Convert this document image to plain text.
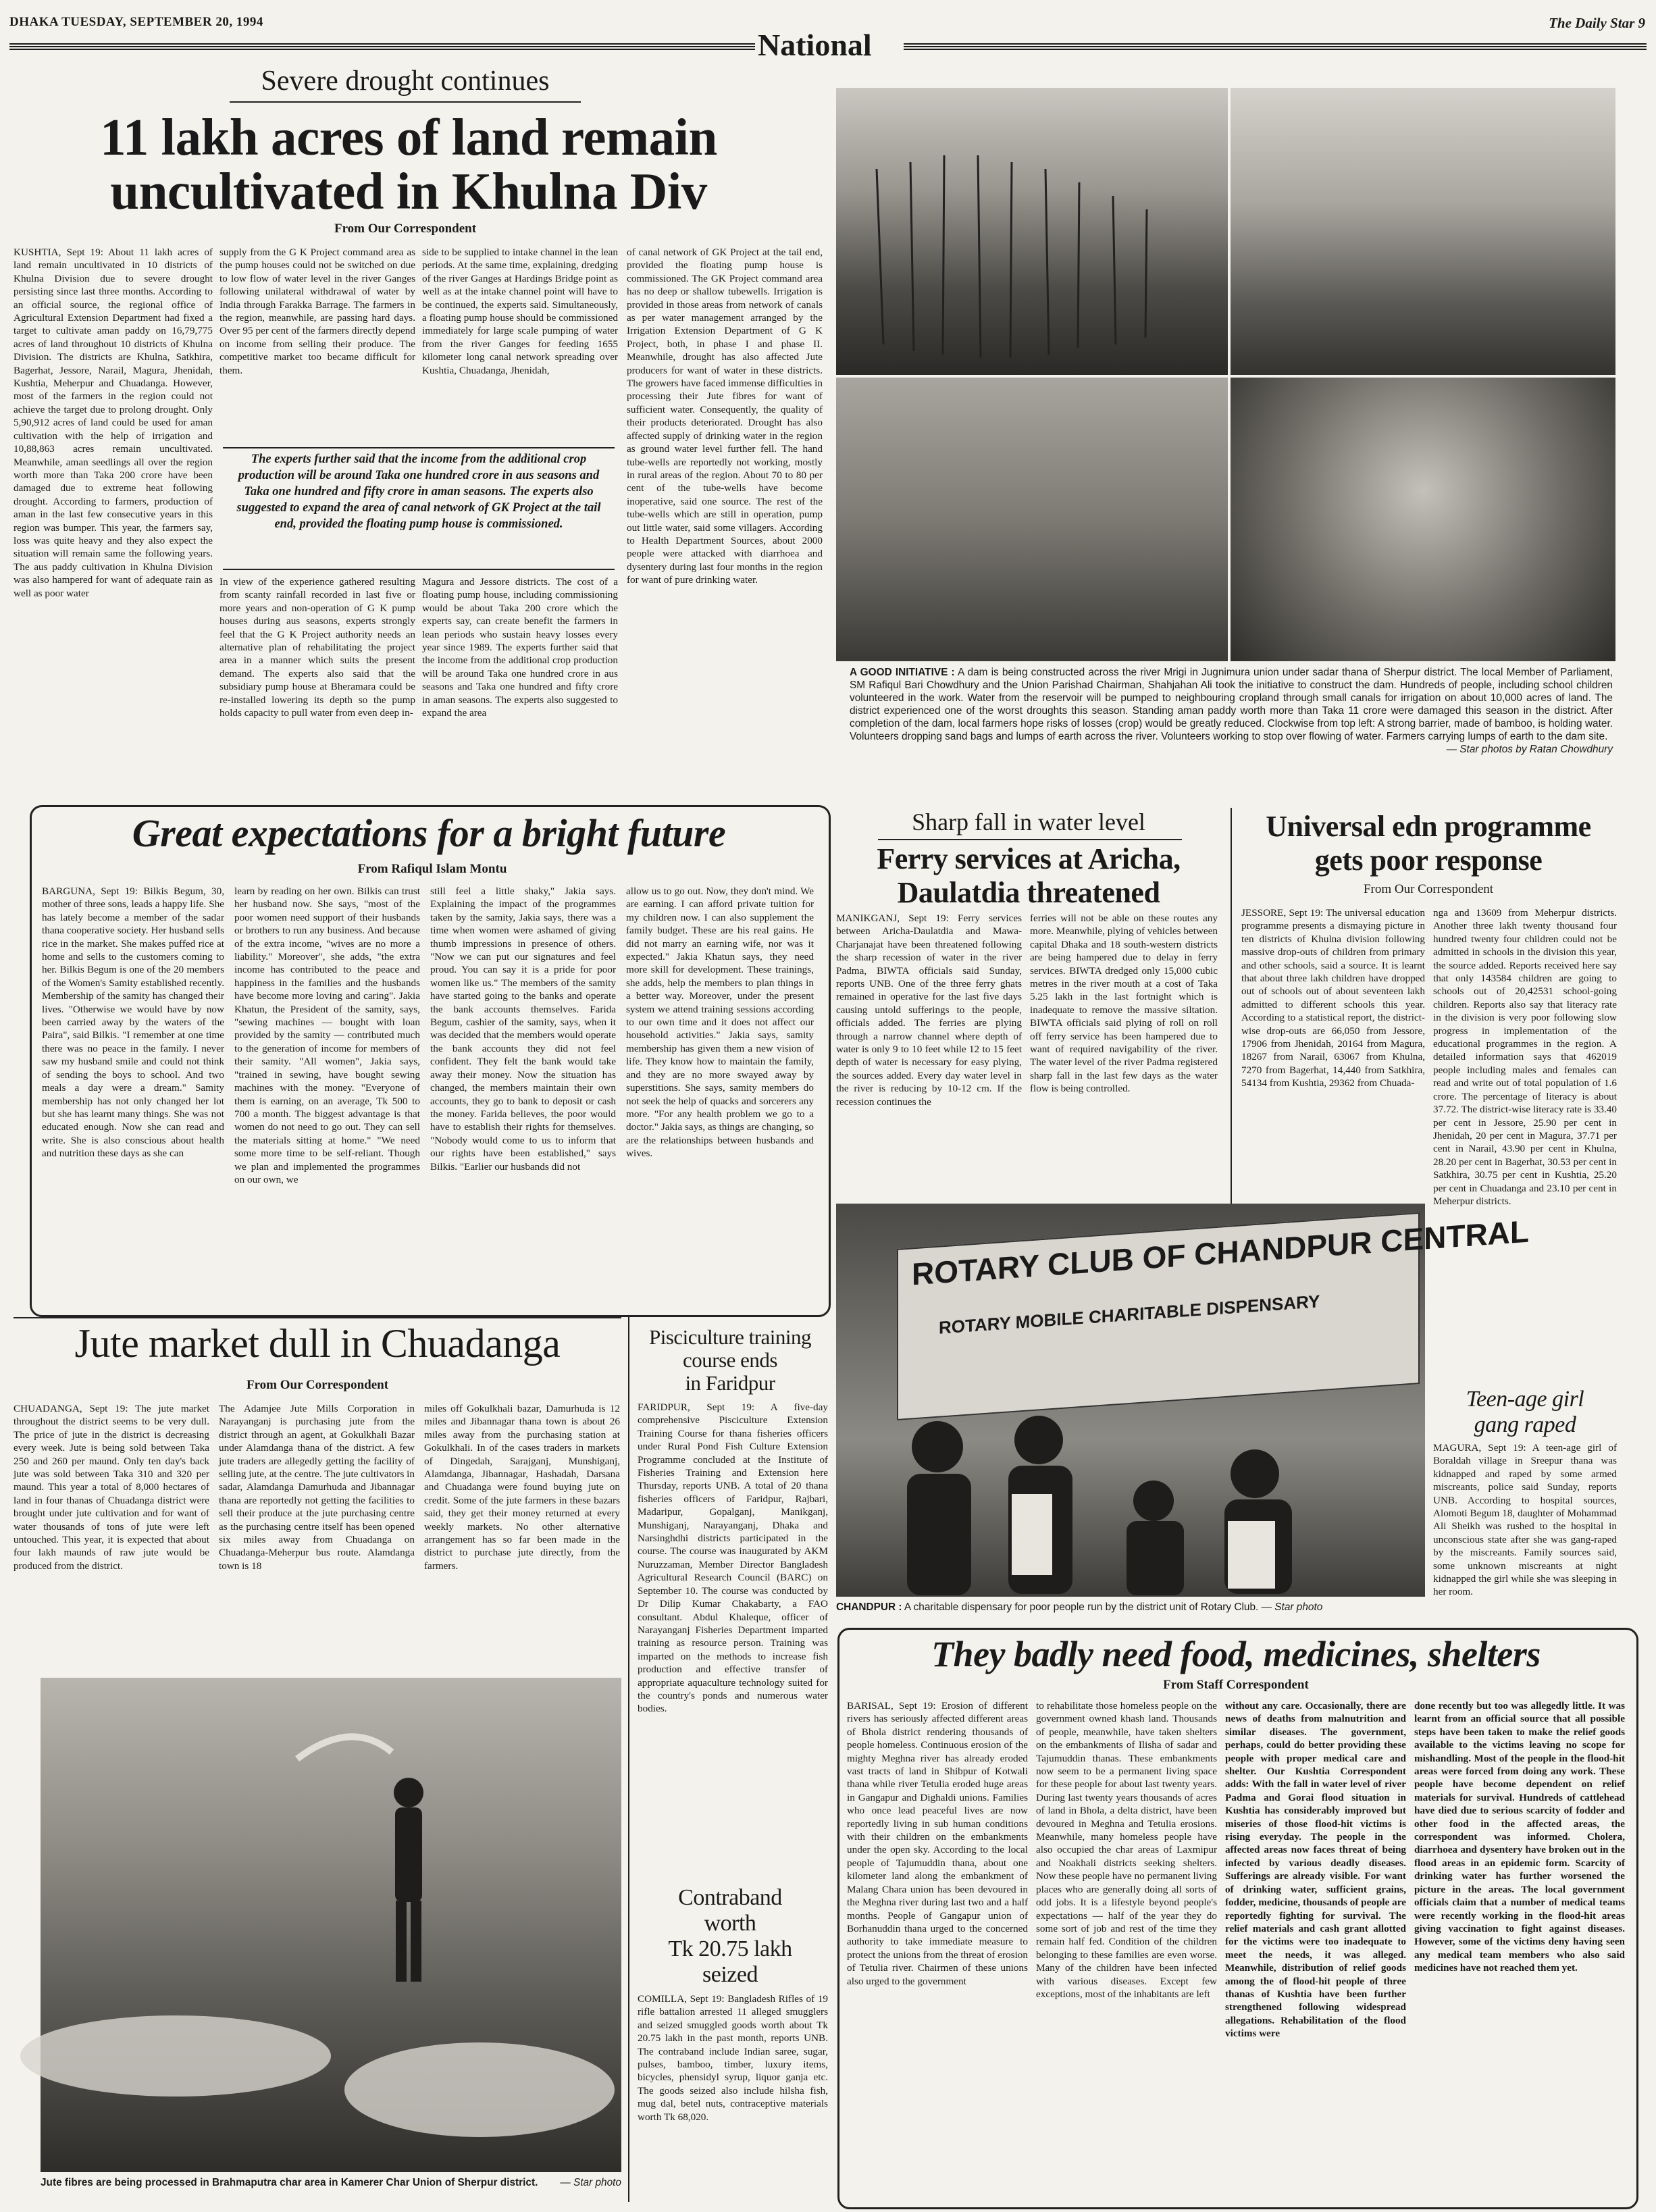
DHAKA TUESDAY, SEPTEMBER 20, 1994
National
The Daily Star 9
Severe drought continues
11 lakh acres of land remain
uncultivated in Khulna Div
From Our Correspondent

KUSHTIA, Sept 19: About 11 lakh acres of land remain uncultivated in 10 districts of Khulna Division due to severe drought persisting since last three months. According to an official source, the regional office of Agricultural Extension Department had fixed a target to cultivate aman paddy on 16,79,775 acres of land throughout 10 districts of Khulna Division. The districts are Khulna, Satkhira, Bagerhat, Jessore, Narail, Magura, Jhenidah, Kushtia, Meherpur and Chuadanga. However, most of the farmers in the region could not achieve the target due to prolong drought. Only 5,90,912 acres of land could be used for aman cultivation with the help of irrigation and 10,88,863 acres remain uncultivated. Meanwhile, aman seedlings all over the region worth more than Taka 200 crore have been damaged due to extreme heat following drought. According to farmers, production of aman in the last few consecutive years in this region was bumper. This year, the farmers say, loss was quite heavy and they also expect the situation will remain same the following years. The aus paddy cultivation in Khulna Division was also hampered for want of adequate rain as well as poor water

supply from the G K Project command area as the pump houses could not be switched on due to low flow of water level in the river Ganges following unilateral withdrawal of water by India through Farakka Barrage. The farmers in the region, meanwhile, are passing hard days. Over 95 per cent of the farmers directly depend on income from selling their produce. The competitive market too became difficult for them.

side to be supplied to intake channel in the lean periods. At the same time, explaining, dredging of the river Ganges at Hardings Bridge point as well as at the intake channel point will have to be continued, the experts said. Simultaneously, a floating pump house should be commissioned immediately for large scale pumping of water from the river Ganges for feeding 1655 kilometer long canal network spreading over Kushtia, Chuadanga, Jhenidah,

The experts further said that the income from the additional crop production will be around Taka one hundred crore in aus seasons and Taka one hundred and fifty crore in aman seasons. The experts also suggested to expand the area of canal network of GK Project at the tail end, provided the floating pump house is commissioned.

In view of the experience gathered resulting from scanty rainfall recorded in last five or more years and non-operation of G K pump houses during aus seasons, experts strongly feel that the G K Project authority needs an alternative plan of rehabilitating the project area in a manner which suits the present demand. The experts also said that the subsidiary pump house at Bheramara could be re-installed lowering its depth so the pump holds capacity to pull water from even deep in-

Magura and Jessore districts. The cost of a floating pump house, including commissioning would be about Taka 200 crore which the experts say, can create benefit the farmers in lean periods who sustain heavy losses every year since 1989. The experts further said that the income from the additional crop production will be around Taka one hundred crore in aus seasons and Taka one hundred and fifty crore in aman seasons. The experts also suggested to expand the area

of canal network of GK Project at the tail end, provided the floating pump house is commissioned. The GK Project command area has no deep or shallow tubewells. Irrigation is provided in those areas from network of canals as per water management arranged by the Irrigation Extension Department of G K Project, both, in phase I and phase II. Meanwhile, drought has also affected Jute producers for want of water in these districts. The growers have faced immense difficulties in processing their Jute fibres for want of sufficient water. Consequently, the quality of their products deteriorated. Drought has also affected supply of drinking water in the region as ground water level further fell. The hand tube-wells are reportedly not working, mostly in rural areas of the region. About 70 to 80 per cent of the tube-wells have become inoperative, said one source. The rest of the tube-wells which are still in operation, pump out little water, said some villagers. According to Health Department Sources, about 2000 people were attacked with diarrhoea and dysentery during last four months in the region for want of pure drinking water.

A GOOD INITIATIVE : A dam is being constructed across the river Mrigi in Jugnimura union under sadar thana of Sherpur district. The local Member of Parliament, SM Rafiqul Bari Chowdhury and the Union Parishad Chairman, Shahjahan Ali took the initiative to construct the dam. Hundreds of people, including school children volunteered in the work. Water from the reservoir will be pumped to neighbouring cropland through small canals for irrigation on about 10,000 acres of land. The district experienced one of the worst droughts this season. Standing aman paddy worth more than Taka 11 crore were damaged this season in the district. After completion of the dam, local farmers hope risks of losses (crop) would be greatly reduced. Clockwise from top left: A strong barrier, made of bamboo, is holding water. Volunteers dropping sand bags and lumps of earth across the river. Volunteers working to stop over flowing of water. Farmers carrying lumps of earth to the dam site.
— Star photos by Ratan Chowdhury
Great expectations for a bright future
From Rafiqul Islam Montu

BARGUNA, Sept 19: Bilkis Begum, 30, mother of three sons, leads a happy life. She has lately become a member of the sadar thana cooperative society. Her husband sells rice in the market. She makes puffed rice at home and sells to the customers coming to her. Bilkis Begum is one of the 20 members of the Women's Samity established recently. Membership of the samity has changed their lives. "Otherwise we would have by now been carried away by the waters of the Paira", said Bilkis. "I remember at one time there was no peace in the family. I never saw my husband smile and could not think of sending the boys to school. And two meals a day were a dream." Samity membership has not only changed her lot but she has learnt many things. She was not educated enough. Now she can read and write. She is also conscious about health and nutrition these days as she can

learn by reading on her own. Bilkis can trust her husband now. She says, "most of the poor women need support of their husbands or brothers to run any business. And because of the extra income, "wives are no more a liability." Moreover", she adds, "the extra income has contributed to the peace and happiness in the families and the husbands have become more loving and caring". Jakia Khatun, the President of the samity, says, "sewing machines — bought with loan provided by the samity — contributed much to the generation of income for members of their samity. "All women", Jakia says, "trained in sewing, have bought sewing machines with the money. "Everyone of them is earning, on an average, Tk 500 to 700 a month. The biggest advantage is that women do not need to go out. They can sell the materials sitting at home." "We need some more time to be self-reliant. Though we plan and implemented the programmes on our own, we

still feel a little shaky," Jakia says. Explaining the impact of the programmes taken by the samity, Jakia says, there was a time when women were ashamed of giving thumb impressions in presence of others. "Now we can put our signatures and feel proud. You can say it is a pride for poor women like us." The members of the samity have started going to the banks and operate the bank accounts themselves. Farida Begum, cashier of the samity, says, when it was decided that the members would operate the bank accounts they did not feel confident. They felt the bank would take away their money. Now the situation has changed, the members maintain their own accounts, they go to bank to deposit or cash the money. Farida believes, the poor would have to establish their rights for themselves. "Nobody would come to us to inform that our rights have been established," says Bilkis. "Earlier our husbands did not

allow us to go out. Now, they don't mind. We are earning. I can afford private tuition for my children now. I can also supplement the family budget. These are his real gains. He did not marry an earning wife, nor was it expected." Jakia Khatun says, they need more skill for development. These trainings, she adds, help the members to plan things in a better way. Moreover, under the present system we attend training sessions according to our own time and it does not affect our household activities." Jakia says, samity membership has given them a new vision of life. They know how to maintain the family, and they are no more swayed away by superstitions. She says, samity members do not seek the help of quacks and sorcerers any more. "For any health problem we go to a doctor." Jakia says, as things are changing, so are the relationships between husbands and wives.

Sharp fall in water level
Ferry services at Aricha,
Daulatdia threatened

MANIKGANJ, Sept 19: Ferry services between Aricha-Daulatdia and Mawa-Charjanajat have been threatened following the sharp recession of water in the river Padma, BIWTA officials said Sunday, reports UNB. One of the three ferry ghats remained in operative for the last five days causing untold sufferings to the people, officials added. The ferries are plying through a narrow channel where depth of water is only 9 to 10 feet while 12 to 15 feet depth of water is necessary for easy plying, the sources added. Every day water level in the river is reducing by 10-12 cm. If the recession continues the

ferries will not be able on these routes any more. Meanwhile, plying of vehicles between capital Dhaka and 18 south-western districts are being hampered due to delay in ferry services. BIWTA dredged only 15,000 cubic metres in the river mouth at a cost of Taka 5.25 lakh in the last fortnight which is inadequate to remove the massive siltation. BIWTA officials said plying of roll on roll off ferry service has been hampered due to want of required navigability of the river. The water level of the river Padma registered sharp fall in the last few days as the water flow is being controlled.

Universal edn programme
gets poor response
From Our Correspondent

JESSORE, Sept 19: The universal education programme presents a dismaying picture in ten districts of Khulna division following massive drop-outs of children from primary and other schools, said a source. It is learnt that about three lakh children have dropped out of schools out of about seventeen lakh admitted to different schools this year. According to a statistical report, the district-wise drop-outs are 66,050 from Jessore, 17906 from Jhenidah, 20164 from Magura, 18267 from Narail, 63067 from Khulna, 7270 from Bagerhat, 14,440 from Satkhira, 54134 from Kushtia, 29362 from Chuada-

nga and 13609 from Meherpur districts. Another three lakh twenty thousand four hundred twenty four children could not be admitted in schools in the division this year, the source added. Reports received here say that only 143584 children are going to schools out of 20,42531 school-going children. Reports also say that literacy rate in the division is very poor following slow progress in implementation of the educational programmes in the region. A detailed information says that 462019 people including males and females can read and write out of total population of 1.6 crore. The percentage of literacy is about 37.72. The district-wise literacy rate is 33.40 per cent in Jessore, 25.90 per cent in Jhenidah, 20 per cent in Magura, 37.71 per cent in Narail, 43.90 per cent in Khulna, 28.20 per cent in Bagerhat, 30.53 per cent in Satkhira, 30.75 per cent in Kushtia, 25.20 per cent in Chuadanga and 23.10 per cent in Meherpur districts.

ROTARY CLUB OF CHANDPUR CENTRAL
ROTARY MOBILE CHARITABLE DISPENSARY
CHANDPUR : A charitable dispensary for poor people run by the district unit of Rotary Club. — Star photo
Teen-age girl
gang raped

MAGURA, Sept 19: A teen-age girl of Boraldah village in Sreepur thana was kidnapped and raped by some armed miscreants, police said Sunday, reports UNB. According to hospital sources, Alomoti Begum 18, daughter of Mohammad Ali Sheikh was rushed to the hospital in unconscious state after she was gang-raped by the miscreants. Family sources said, some unknown miscreants at night kidnapped the girl while she was sleeping in her room.

Jute market dull in Chuadanga
From Our Correspondent

CHUADANGA, Sept 19: The jute market throughout the district seems to be very dull. The price of jute in the district is decreasing every week. Jute is being sold between Taka 250 and 260 per maund. Only ten day's back jute was sold between Taka 310 and 320 per maund. This year a total of 8,000 hectares of land in four thanas of Chuadanga district were brought under jute cultivation and for want of water thousands of tons of jute were left untouched. This year, it is expected that about four lakh maunds of raw jute would be produced from the district.

The Adamjee Jute Mills Corporation in Narayanganj is purchasing jute from the district through an agent, at Gokulkhali Bazar under Alamdanga thana of the district. A few jute traders are allegedly getting the facility of selling jute, at the centre. The jute cultivators in sadar, Alamdanga Damurhuda and Jibannagar thana are reportedly not getting the facilities to sell their produce at the jute purchasing centre as the purchasing centre itself has been opened six miles away from Chuadanga on Chuadanga-Meherpur bus route. Alamdanga town is 18

miles off Gokulkhali bazar, Damurhuda is 12 miles and Jibannagar thana town is about 26 miles away from the purchasing station at Gokulkhali. In of the cases traders in markets of Dingedah, Sarajganj, Munshiganj, Alamdanga, Jibannagar, Hashadah, Darsana and Chuadanga were found buying jute on credit. Some of the jute farmers in these bazars said, they get their money returned at every weekly markets. No other alternative arrangement has so far been made in the district to purchase jute directly, from the farmers.

Jute fibres are being processed in Brahmaputra char area in Kamerer Char Union of Sherpur district. — Star photo
Pisciculture training
course ends
in Faridpur

FARIDPUR, Sept 19: A five-day comprehensive Pisciculture Extension Training Course for thana fisheries officers under Rural Pond Fish Culture Extension Programme concluded at the Institute of Fisheries Training and Extension here Thursday, reports UNB. A total of 20 thana fisheries officers of Faridpur, Rajbari, Madaripur, Gopalganj, Manikganj, Munshiganj, Narayanganj, Dhaka and Narsinghdhi districts participated in the course. The course was inaugurated by AKM Nuruzzaman, Member Director Bangladesh Agricultural Research Council (BARC) on September 10. The course was conducted by Dr Dilip Kumar Chakabarty, a FAO consultant. Abdul Khaleque, officer of Narayanganj Fisheries Department imparted training as resource person. Training was imparted on the methods to increase fish production and effective transfer of appropriate aquaculture technology suited for the country's ponds and numerous water bodies.

Contraband
worth
Tk 20.75 lakh
seized

COMILLA, Sept 19: Bangladesh Rifles of 19 rifle battalion arrested 11 alleged smugglers and seized smuggled goods worth about Tk 20.75 lakh in the past month, reports UNB. The contraband include Indian saree, sugar, pulses, bamboo, timber, luxury items, bicycles, phensidyl syrup, liquor ganja etc. The goods seized also include hilsha fish, mug dal, betel nuts, contraceptive materials worth Tk 68,020.

They badly need food, medicines, shelters
From Staff Correspondent

BARISAL, Sept 19: Erosion of different rivers has seriously affected different areas of Bhola district rendering thousands of people homeless. Continuous erosion of the mighty Meghna river has already eroded vast tracts of land in Shibpur of Kotwali thana while river Tetulia eroded huge areas in Gangapur and Dighaldi unions. Families who once lead peaceful lives are now reportedly living in sub human conditions with their children on the embankments under the open sky. According to the local people of Tajumuddin thana, about one kilometer land along the embankment of Malang Chara union has been devoured in the Meghna river during last two and a half months. People of Gangapur union of Borhanuddin thana urged to the concerned authority to take immediate measure to protect the unions from the threat of erosion of Tetulia river. Chairmen of these unions also urged to the government

to rehabilitate those homeless people on the government owned khash land. Thousands of people, meanwhile, have taken shelters on the embankments of Ilisha of sadar and Tajumuddin thanas. These embankments now seem to be a permanent living space for these people for about last twenty years. During last twenty years thousands of acres of land in Bhola, a delta district, have been devoured in Meghna and Tetulia erosions. Meanwhile, many homeless people have also occupied the char areas of Laxmipur and Noakhali districts seeking shelters. Now these people have no permanent living places who are generally doing all sorts of odd jobs. It is a lifestyle beyond people's expectations — half of the year they do some sort of job and rest of the time they remain half fed. Condition of the children belonging to these families are even worse. Many of the children have been infected with various diseases. Except few exceptions, most of the inhabitants are left

without any care. Occasionally, there are news of deaths from malnutrition and similar diseases. The government, perhaps, could do better providing these people with proper medical care and shelter. Our Kushtia Correspondent adds: With the fall in water level of river Padma and Gorai flood situation in Kushtia has considerably improved but miseries of those flood-hit victims is rising everyday. The people in the affected areas now faces threat of being infected by various deadly diseases. Sufferings are already visible. For want of drinking water, sufficient grains, fodder, medicine, thousands of people are reportedly fighting for survival. The relief materials and cash grant allotted for the victims were too inadequate to meet the needs, it was alleged. Meanwhile, distribution of relief goods among the of flood-hit people of three thanas of Kushtia have been further strengthened following widespread allegations. Rehabilitation of the flood victims were

done recently but too was allegedly little. It was learnt from an official source that all possible steps have been taken to make the relief goods available to the victims leaving no scope for mishandling. Most of the people in the flood-hit areas were forced from doing any work. These people have become dependent on relief materials for survival. Hundreds of cattlehead have died due to serious scarcity of fodder and other food in the affected areas, the correspondent was informed. Cholera, diarrhoea and dysentery have broken out in the flood areas in an epidemic form. Scarcity of drinking water has further worsened the picture in the areas. The local government officials claim that a number of medical teams were recently working in the flood-hit areas giving vaccination to fight against diseases. However, some of the victims deny having seen any medical team members who also said medicines have not reached them yet.
